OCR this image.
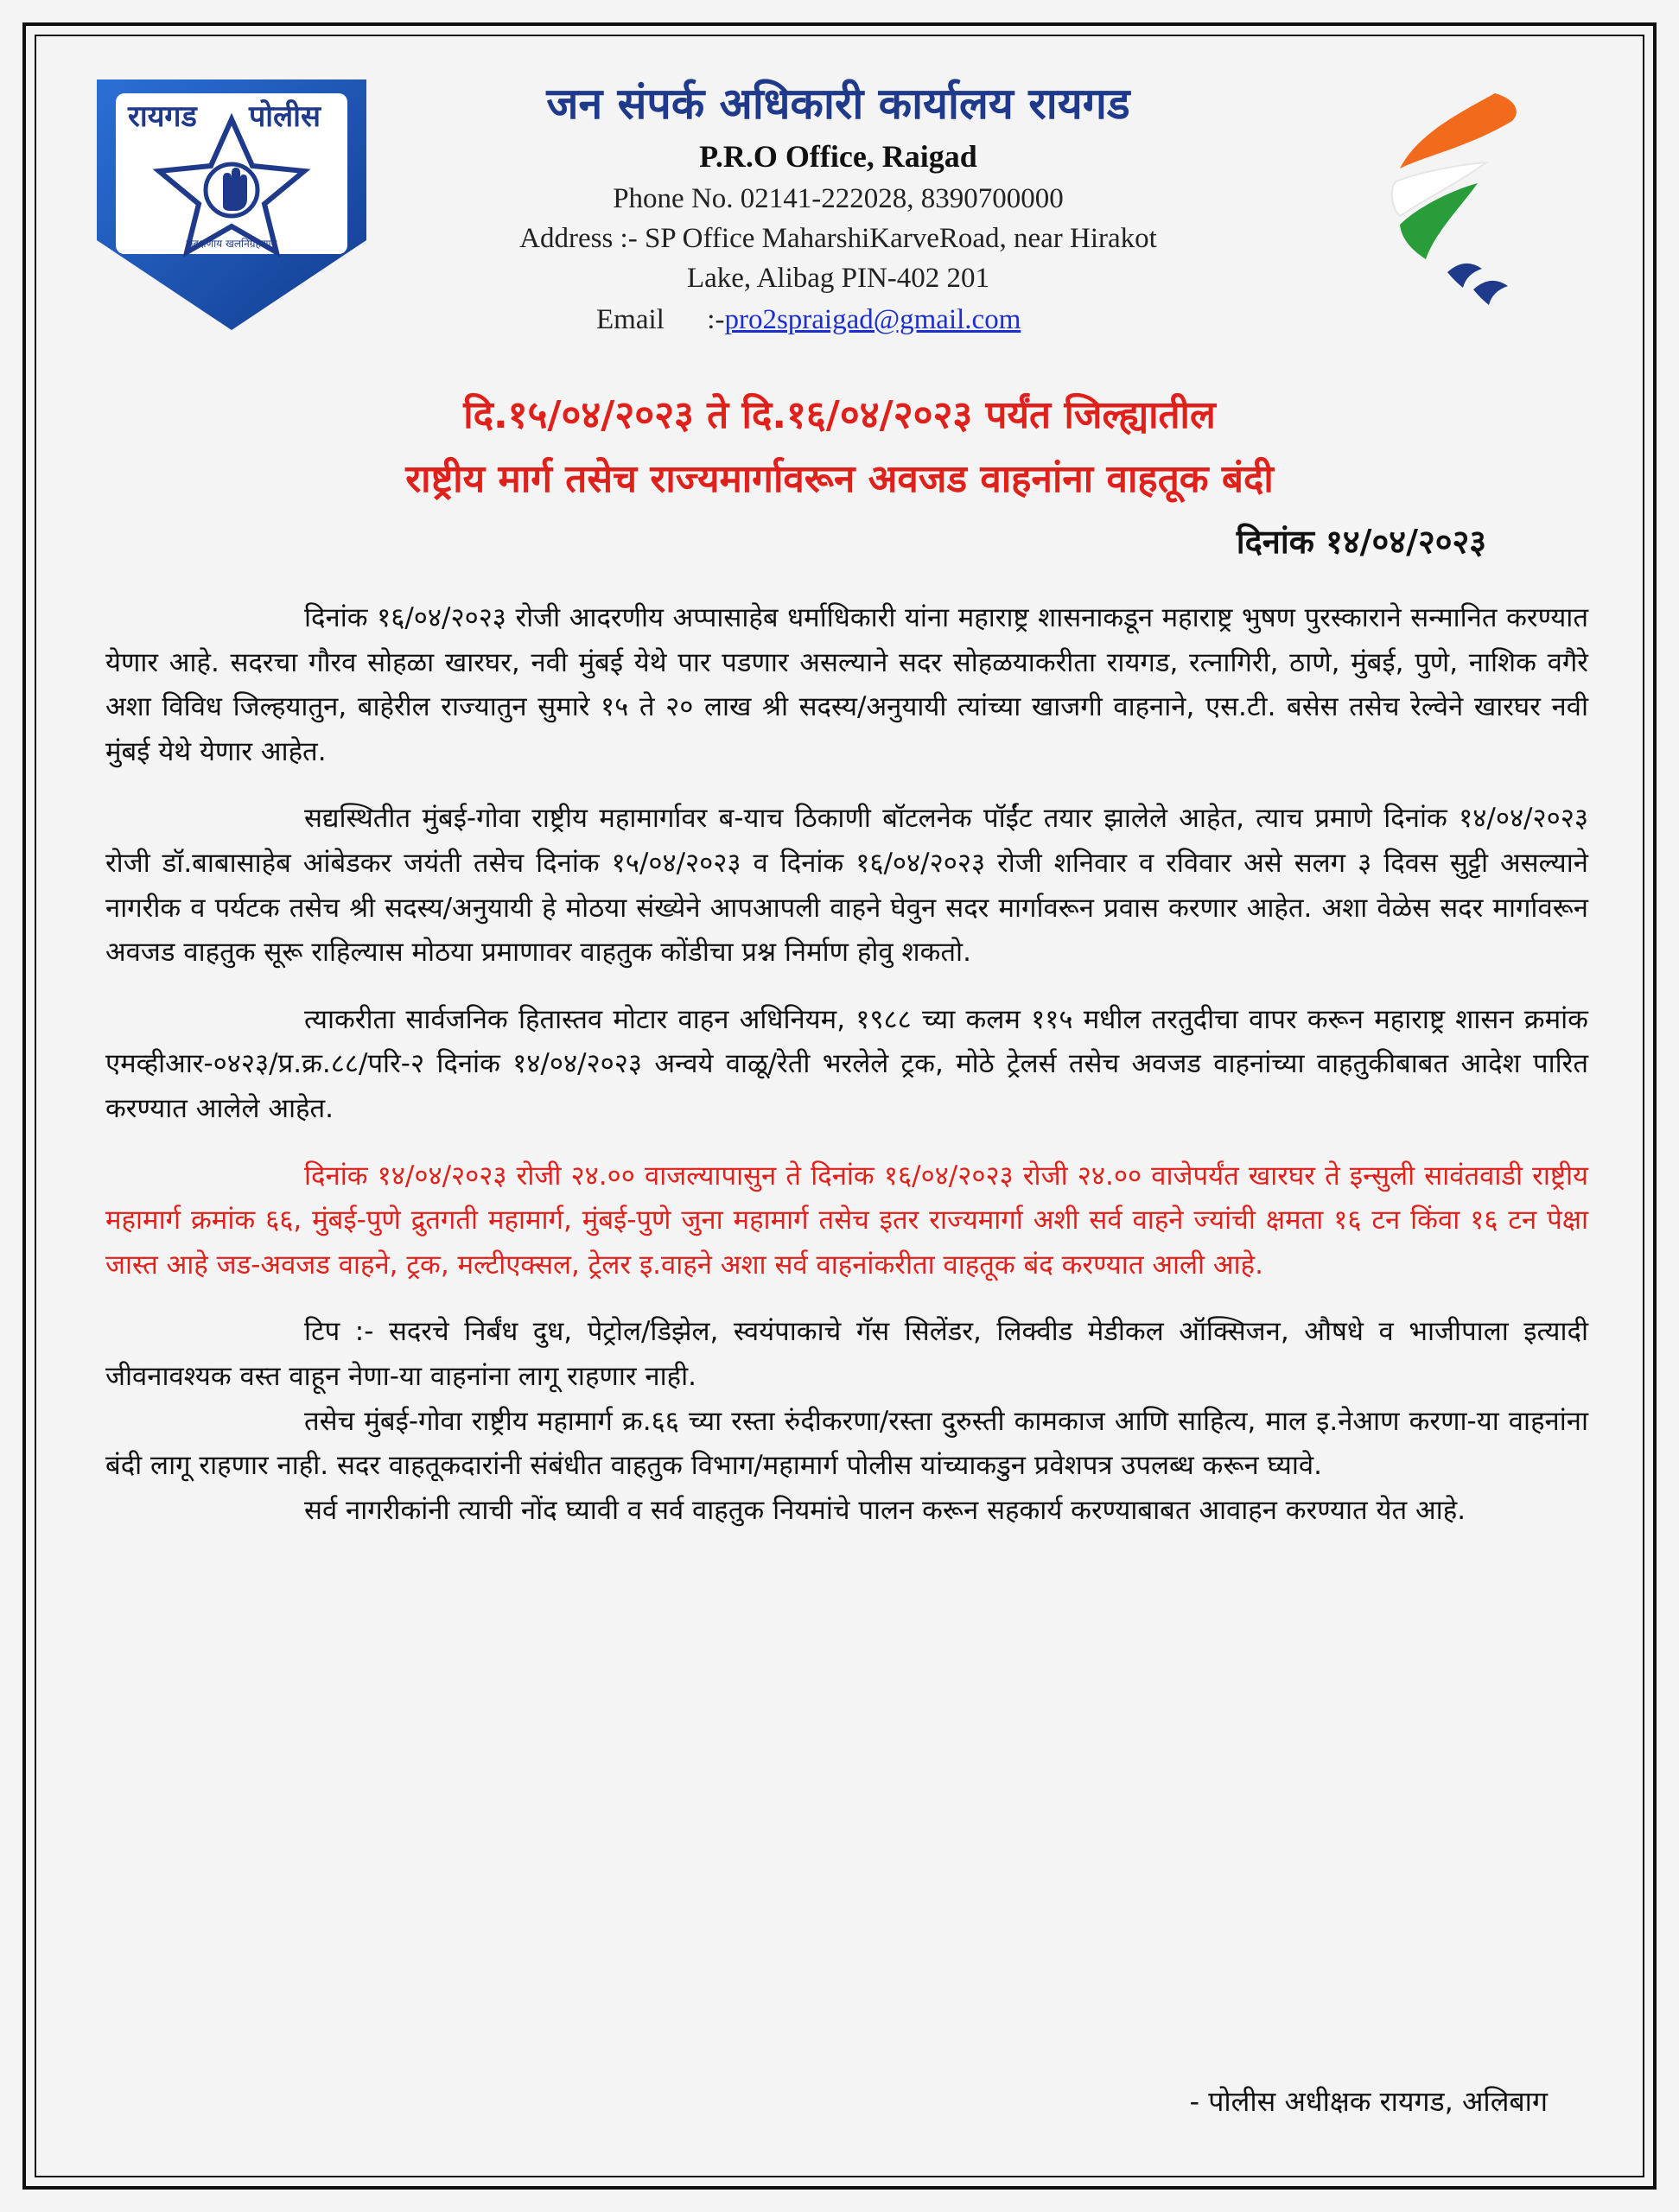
रायगड पोलीस
सद्रक्षणाय खलनिग्रहणाय
जन संपर्क अधिकारी कार्यालय रायगड
P.R.O Office, Raigad
Phone No. 02141-222028, 8390700000
Address :- SP Office MaharshiKarveRoad, near Hirakot
Lake, Alibag PIN-402 201
Email      :-pro2spraigad@gmail.com
दि.१५/०४/२०२३ ते दि.१६/०४/२०२३ पर्यंत जिल्ह्यातील
राष्ट्रीय मार्ग तसेच राज्यमार्गावरून अवजड वाहनांना वाहतूक बंदी
दिनांक १४/०४/२०२३

दिनांक १६/०४/२०२३ रोजी आदरणीय अप्पासाहेब धर्माधिकारी यांना महाराष्ट्र शासनाकडून महाराष्ट्र भुषण पुरस्काराने सन्मानित करण्यात येणार आहे. सदरचा गौरव सोहळा खारघर, नवी मुंबई येथे पार पडणार असल्याने सदर सोहळयाकरीता रायगड, रत्नागिरी, ठाणे, मुंबई, पुणे, नाशिक वगैरे अशा विविध जिल्हयातुन, बाहेरील राज्यातुन सुमारे १५ ते २० लाख श्री सदस्य/अनुयायी त्यांच्या खाजगी वाहनाने, एस.टी. बसेस तसेच रेल्वेने खारघर नवी मुंबई येथे येणार आहेत.

सद्यस्थितीत मुंबई-गोवा राष्ट्रीय महामार्गावर ब-याच ठिकाणी बॉटलनेक पॉईंट तयार झालेले आहेत, त्याच प्रमाणे दिनांक १४/०४/२०२३ रोजी डॉ.बाबासाहेब आंबेडकर जयंती तसेच दिनांक १५/०४/२०२३ व दिनांक १६/०४/२०२३ रोजी शनिवार व रविवार असे सलग ३ दिवस सुट्टी असल्याने नागरीक व पर्यटक तसेच श्री सदस्य/अनुयायी हे मोठया संख्येने आपआपली वाहने घेवुन सदर मार्गावरून प्रवास करणार आहेत. अशा वेळेस सदर मार्गावरून अवजड वाहतुक सूरू राहिल्यास मोठया प्रमाणावर वाहतुक कोंडीचा प्रश्न निर्माण होवु शकतो.

त्याकरीता सार्वजनिक हितास्तव मोटार वाहन अधिनियम, १९८८ च्या कलम ११५ मधील तरतुदीचा वापर करून महाराष्ट्र शासन क्रमांक एमव्हीआर-०४२३/प्र.क्र.८८/परि-२ दिनांक १४/०४/२०२३ अन्वये वाळू/रेती भरलेले ट्रक, मोठे ट्रेलर्स तसेच अवजड वाहनांच्या वाहतुकीबाबत आदेश पारित करण्यात आलेले आहेत.

दिनांक १४/०४/२०२३ रोजी २४.०० वाजल्यापासुन ते दिनांक १६/०४/२०२३ रोजी २४.०० वाजेपर्यंत खारघर ते इन्सुली सावंतवाडी राष्ट्रीय महामार्ग क्रमांक ६६, मुंबई-पुणे द्रुतगती महामार्ग, मुंबई-पुणे जुना महामार्ग तसेच इतर राज्यमार्गा अशी सर्व वाहने ज्यांची क्षमता १६ टन किंवा १६ टन पेक्षा जास्त आहे जड-अवजड वाहने, ट्रक, मल्टीएक्सल, ट्रेलर इ.वाहने अशा सर्व वाहनांकरीता वाहतूक बंद करण्यात आली आहे.

टिप :- सदरचे निर्बंध दुध, पेट्रोल/डिझेल, स्वयंपाकाचे गॅस सिलेंडर, लिक्वीड मेडीकल ऑक्सिजन, औषधे व भाजीपाला इत्यादी जीवनावश्यक वस्त वाहून नेणा-या वाहनांना लागू राहणार नाही.

तसेच मुंबई-गोवा राष्ट्रीय महामार्ग क्र.६६ च्या रस्ता रुंदीकरणा/रस्ता दुरुस्ती कामकाज आणि साहित्य, माल इ.नेआण करणा-या वाहनांना बंदी लागू राहणार नाही. सदर वाहतूकदारांनी संबंधीत वाहतुक विभाग/महामार्ग पोलीस यांच्याकडुन प्रवेशपत्र उपलब्ध करून घ्यावे.

सर्व नागरीकांनी त्याची नोंद घ्यावी व सर्व वाहतुक नियमांचे पालन करून सहकार्य करण्याबाबत आवाहन करण्यात येत आहे.

- पोलीस अधीक्षक रायगड, अलिबाग
